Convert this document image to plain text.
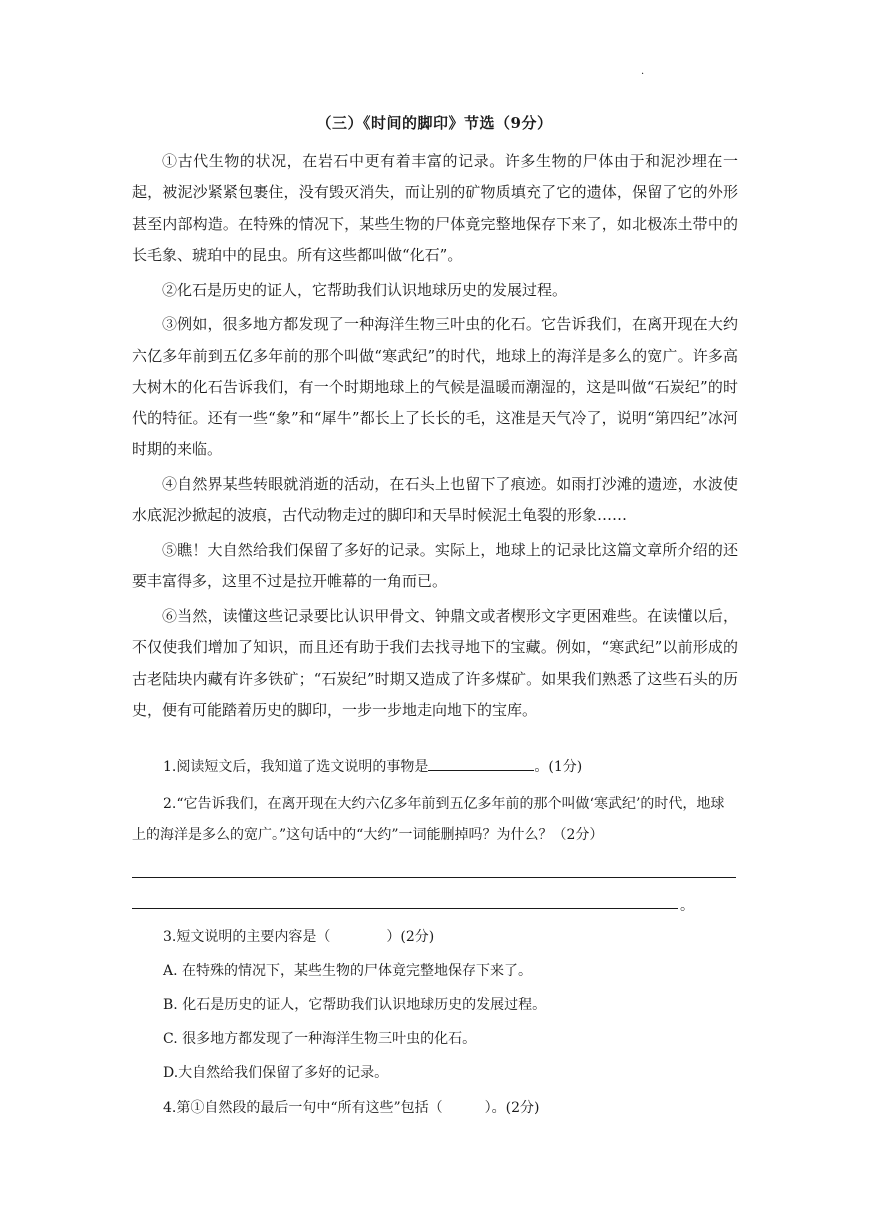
.
（三）《时间的脚印》节选（9分）

①古代生物的状况，在岩石中更有着丰富的记录。许多生物的尸体由于和泥沙埋在一起，被泥沙紧紧包裹住，没有毁灭消失，而让别的矿物质填充了它的遗体，保留了它的外形甚至内部构造。在特殊的情况下，某些生物的尸体竟完整地保存下来了，如北极冻土带中的长毛象、琥珀中的昆虫。所有这些都叫做“化石”。

②化石是历史的证人，它帮助我们认识地球历史的发展过程。

③例如，很多地方都发现了一种海洋生物三叶虫的化石。它告诉我们，在离开现在大约六亿多年前到五亿多年前的那个叫做“寒武纪”的时代，地球上的海洋是多么的宽广。许多高大树木的化石告诉我们，有一个时期地球上的气候是温暖而潮湿的，这是叫做“石炭纪”的时代的特征。还有一些“象”和“犀牛”都长上了长长的毛，这准是天气冷了，说明“第四纪”冰河时期的来临。

④自然界某些转眼就消逝的活动，在石头上也留下了痕迹。如雨打沙滩的遗迹，水波使水底泥沙掀起的波痕，古代动物走过的脚印和天旱时候泥土龟裂的形象……

⑤瞧！大自然给我们保留了多好的记录。实际上，地球上的记录比这篇文章所介绍的还要丰富得多，这里不过是拉开帷幕的一角而已。

⑥当然，读懂这些记录要比认识甲骨文、钟鼎文或者楔形文字更困难些。在读懂以后，不仅使我们增加了知识，而且还有助于我们去找寻地下的宝藏。例如，“寒武纪”以前形成的古老陆块内藏有许多铁矿；“石炭纪”时期又造成了许多煤矿。如果我们熟悉了这些石头的历史，便有可能踏着历史的脚印，一步一步地走向地下的宝库。

1.阅读短文后，我知道了选文说明的事物是	。(1分)
2.“它告诉我们，在离开现在大约六亿多年前到五亿多年前的那个叫做‘寒武纪’的时代，地球上的海洋是多么的宽广。”这句话中的“大约”一词能删掉吗？为什么？（2分）
。
3.短文说明的主要内容是（　　　　）(2分)
A. 在特殊的情况下，某些生物的尸体竟完整地保存下来了。
B. 化石是历史的证人，它帮助我们认识地球历史的发展过程。
C. 很多地方都发现了一种海洋生物三叶虫的化石。
D.大自然给我们保留了多好的记录。
4.第①自然段的最后一句中“所有这些”包括（　　　）。(2分)
